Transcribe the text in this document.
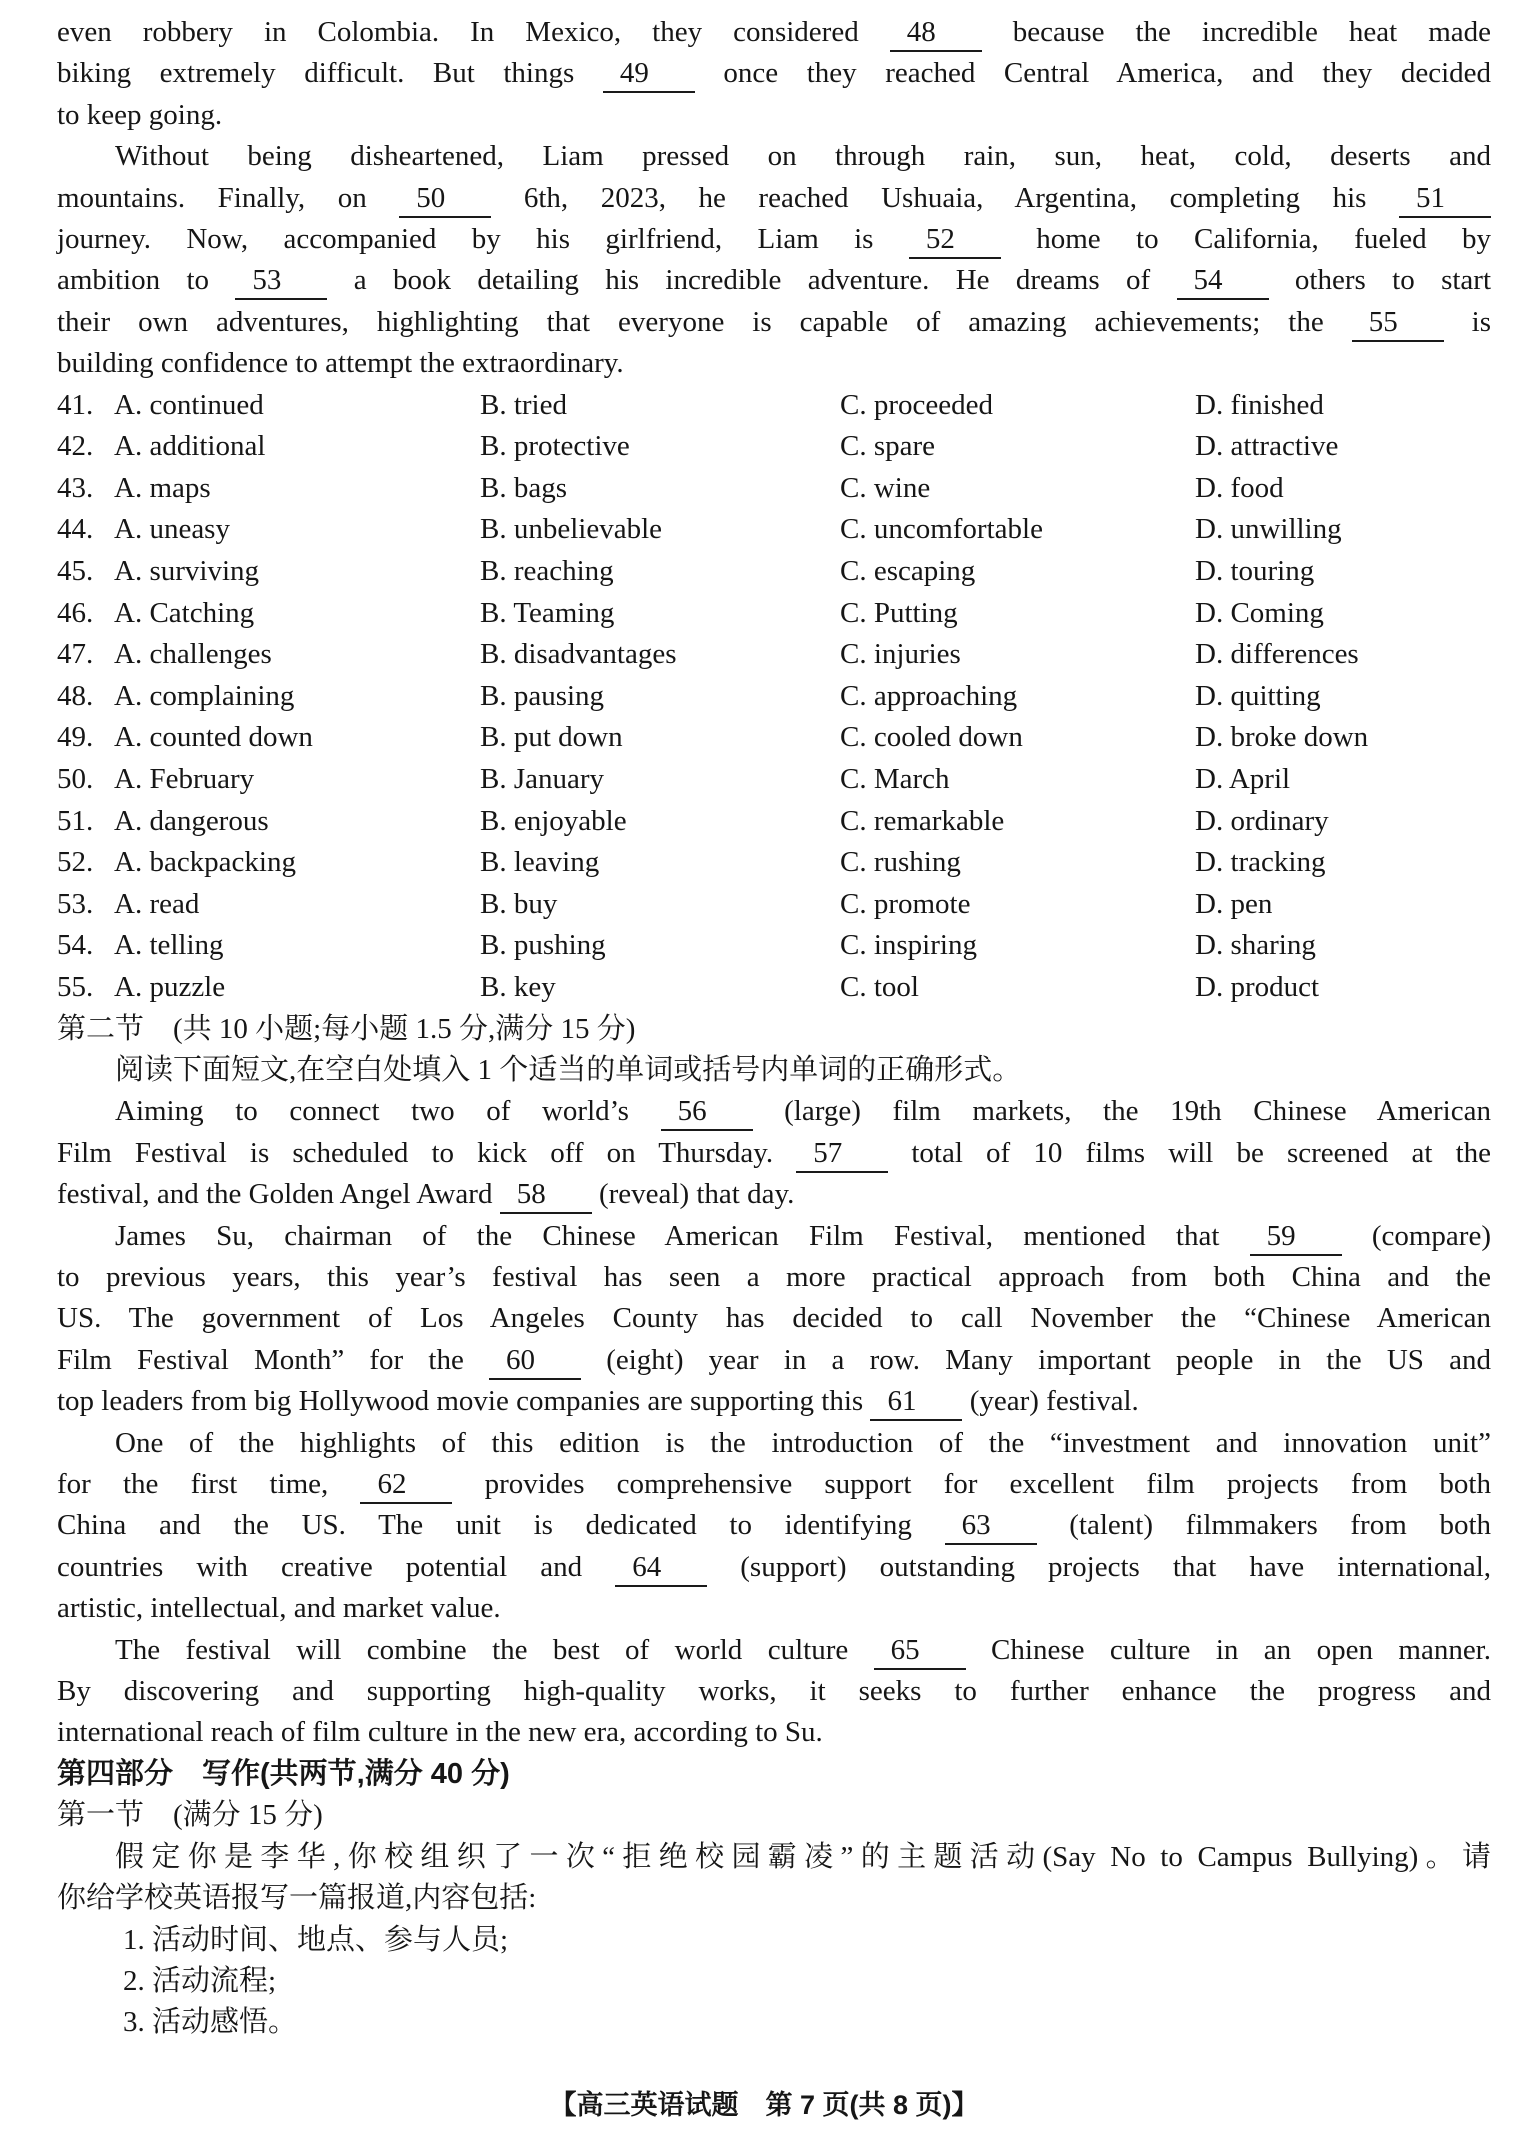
even robbery in Colombia. In Mexico, they considered 48 because the incredible heat made
biking extremely difficult. But things 49 once they reached Central America, and they decided
to keep going.
Without being disheartened, Liam pressed on through rain, sun, heat, cold, deserts and
mountains. Finally, on 50 6th, 2023, he reached Ushuaia, Argentina, completing his 51
journey. Now, accompanied by his girlfriend, Liam is 52 home to California, fueled by
ambition to 53 a book detailing his incredible adventure. He dreams of 54 others to start
their own adventures, highlighting that everyone is capable of amazing achievements; the 55 is
building confidence to attempt the extraordinary.
41. A. continued	B. tried	C. proceeded	D. finished
42. A. additional	B. protective	C. spare	D. attractive
43. A. maps	B. bags	C. wine	D. food
44. A. uneasy	B. unbelievable	C. uncomfortable	D. unwilling
45. A. surviving	B. reaching	C. escaping	D. touring
46. A. Catching	B. Teaming	C. Putting	D. Coming
47. A. challenges	B. disadvantages	C. injuries	D. differences
48. A. complaining	B. pausing	C. approaching	D. quitting
49. A. counted down	B. put down	C. cooled down	D. broke down
50. A. February	B. January	C. March	D. April
51. A. dangerous	B. enjoyable	C. remarkable	D. ordinary
52. A. backpacking	B. leaving	C. rushing	D. tracking
53. A. read	B. buy	C. promote	D. pen
54. A. telling	B. pushing	C. inspiring	D. sharing
55. A. puzzle	B. key	C. tool	D. product
第二节　(共 10 小题;每小题 1.5 分,满分 15 分)
阅读下面短文,在空白处填入 1 个适当的单词或括号内单词的正确形式。
Aiming to connect two of world’s 56 (large) film markets, the 19th Chinese American
Film Festival is scheduled to kick off on Thursday. 57 total of 10 films will be screened at the
festival, and the Golden Angel Award 58 (reveal) that day.
James Su, chairman of the Chinese American Film Festival, mentioned that 59 (compare)
to previous years, this year’s festival has seen a more practical approach from both China and the
US. The government of Los Angeles County has decided to call November the “Chinese American
Film Festival Month” for the 60 (eight) year in a row. Many important people in the US and
top leaders from big Hollywood movie companies are supporting this 61 (year) festival.
One of the highlights of this edition is the introduction of the “investment and innovation unit”
for the first time, 62 provides comprehensive support for excellent film projects from both
China and the US. The unit is dedicated to identifying 63 (talent) filmmakers from both
countries with creative potential and 64 (support) outstanding projects that have international,
artistic, intellectual, and market value.
The festival will combine the best of world culture 65 Chinese culture in an open manner.
By discovering and supporting high-quality works, it seeks to further enhance the progress and
international reach of film culture in the new era, according to Su.
第四部分　写作(共两节,满分 40 分)
第一节　(满分 15 分)
假定你是李华,你校组织了一次“拒绝校园霸凌”的主题活动(Say No to Campus Bullying)。请
你给学校英语报写一篇报道,内容包括:
1. 活动时间、地点、参与人员;
2. 活动流程;
3. 活动感悟。
【高三英语试题　第 7 页(共 8 页)】
